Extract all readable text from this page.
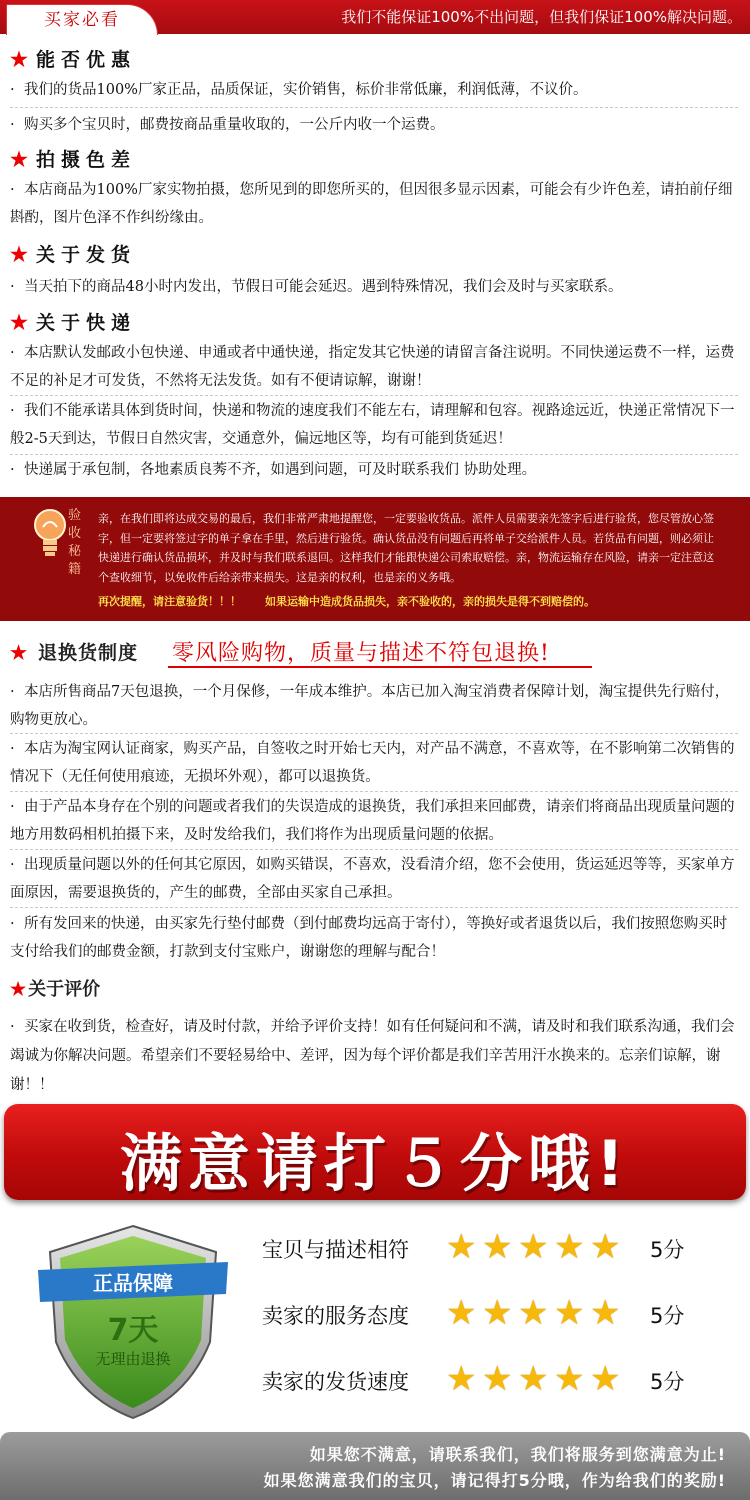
买家必看	我们不能保证100%不出问题，但我们保证100%解决问题。
★ 能否优惠
· 我们的货品100%厂家正品，品质保证，实价销售，标价非常低廉，利润低薄，不议价。
· 购买多个宝贝时，邮费按商品重量收取的，一公斤内收一个运费。
★ 拍摄色差
· 本店商品为100%厂家实物拍摄，您所见到的即您所买的，但因很多显示因素，可能会有少许色差，请拍前仔细斟酌，图片色泽不作纠纷缘由。
★ 关于发货
· 当天拍下的商品48小时内发出，节假日可能会延迟。遇到特殊情况，我们会及时与买家联系。
★ 关于快递
· 本店默认发邮政小包快递、申通或者中通快递，指定发其它快递的请留言备注说明。不同快递运费不一样，运费不足的补足才可发货，不然将无法发货。如有不便请谅解，谢谢！
· 我们不能承诺具体到货时间，快递和物流的速度我们不能左右，请理解和包容。视路途远近，快递正常情况下一般2-5天到达，节假日自然灾害，交通意外，偏远地区等，均有可能到货延迟！
· 快递属于承包制，各地素质良莠不齐，如遇到问题，可及时联系我们 协助处理。
验收秘籍
亲，在我们即将达成交易的最后，我们非常严肃地提醒您，一定要验收货品。派件人员需要亲先签字后进行验货，您尽管放心签字，但一定要将签过字的单子拿在手里，然后进行验货。确认货品没有问题后再将单子交给派件人员。若货品有问题，则必须让快递进行确认货品损坏，并及时与我们联系退回。这样我们才能跟快递公司索取赔偿。亲，物流运输存在风险，请亲一定注意这个查收细节，以免收件后给亲带来损失。这是亲的权利，也是亲的义务哦。
再次提醒，请注意验货！！！ 如果运输中造成货品损失，亲不验收的，亲的损失是得不到赔偿的。
★ 退换货制度 零风险购物，质量与描述不符包退换!
· 本店所售商品7天包退换，一个月保修，一年成本维护。本店已加入淘宝消费者保障计划，淘宝提供先行赔付，购物更放心。
· 本店为淘宝网认证商家，购买产品，自签收之时开始七天内，对产品不满意，不喜欢等，在不影响第二次销售的情况下（无任何使用痕迹，无损坏外观），都可以退换货。
· 由于产品本身存在个别的问题或者我们的失误造成的退换货，我们承担来回邮费，请亲们将商品出现质量问题的地方用数码相机拍摄下来，及时发给我们，我们将作为出现质量问题的依据。
· 出现质量问题以外的任何其它原因，如购买错误，不喜欢，没看清介绍，您不会使用，货运延迟等等，买家单方面原因，需要退换货的，产生的邮费，全部由买家自己承担。
· 所有发回来的快递，由买家先行垫付邮费（到付邮费均远高于寄付），等换好或者退货以后，我们按照您购买时支付给我们的邮费金额，打款到支付宝账户，谢谢您的理解与配合！
★ 关于评价
· 买家在收到货，检查好，请及时付款，并给予评价支持！如有任何疑问和不满，请及时和我们联系沟通，我们会竭诚为你解决问题。希望亲们不要轻易给中、差评，因为每个评价都是我们辛苦用汗水换来的。忘亲们谅解，谢谢！！
满意请打５分哦!
正品保障
7天
无理由退换
宝贝与描述相符 ★ ★ ★ ★ ★ 5分
卖家的服务态度 ★ ★ ★ ★ ★ 5分
卖家的发货速度 ★ ★ ★ ★ ★ 5分
如果您不满意，请联系我们，我们将服务到您满意为止!
如果您满意我们的宝贝，请记得打5分哦，作为给我们的奖励!
